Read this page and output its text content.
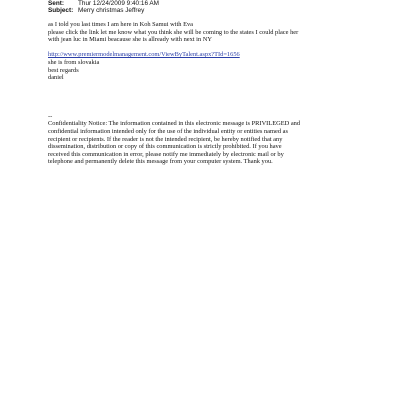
Sent:	Thur 12/24/2009 9:40:16 AM
Subject: Merry christmas Jeffrey

as I told you last times I am here in Koh Samui with Eva

please click the link let me know what you think she will be coming to the states I could place her

with jean luc in Miami beacause she is allready with next in NY

http://www.premiermodelmanagement.com/ViewByTalent.aspx?TId=1656

she is from slovakia

best regards

daniel

--

Confidentiality Notice: The information contained in this electronic message is PRIVILEGED and

confidential information intended only for the use of the individual entity or entities named as

recipient or recipients. If the reader is not the intended recipient, be hereby notified that any

dissemination, distribution or copy of this communication is strictly prohibited. If you have

received this communication in error, please notify me immediately by electronic mail or by

telephone and permanently delete this message from your computer system. Thank you.
